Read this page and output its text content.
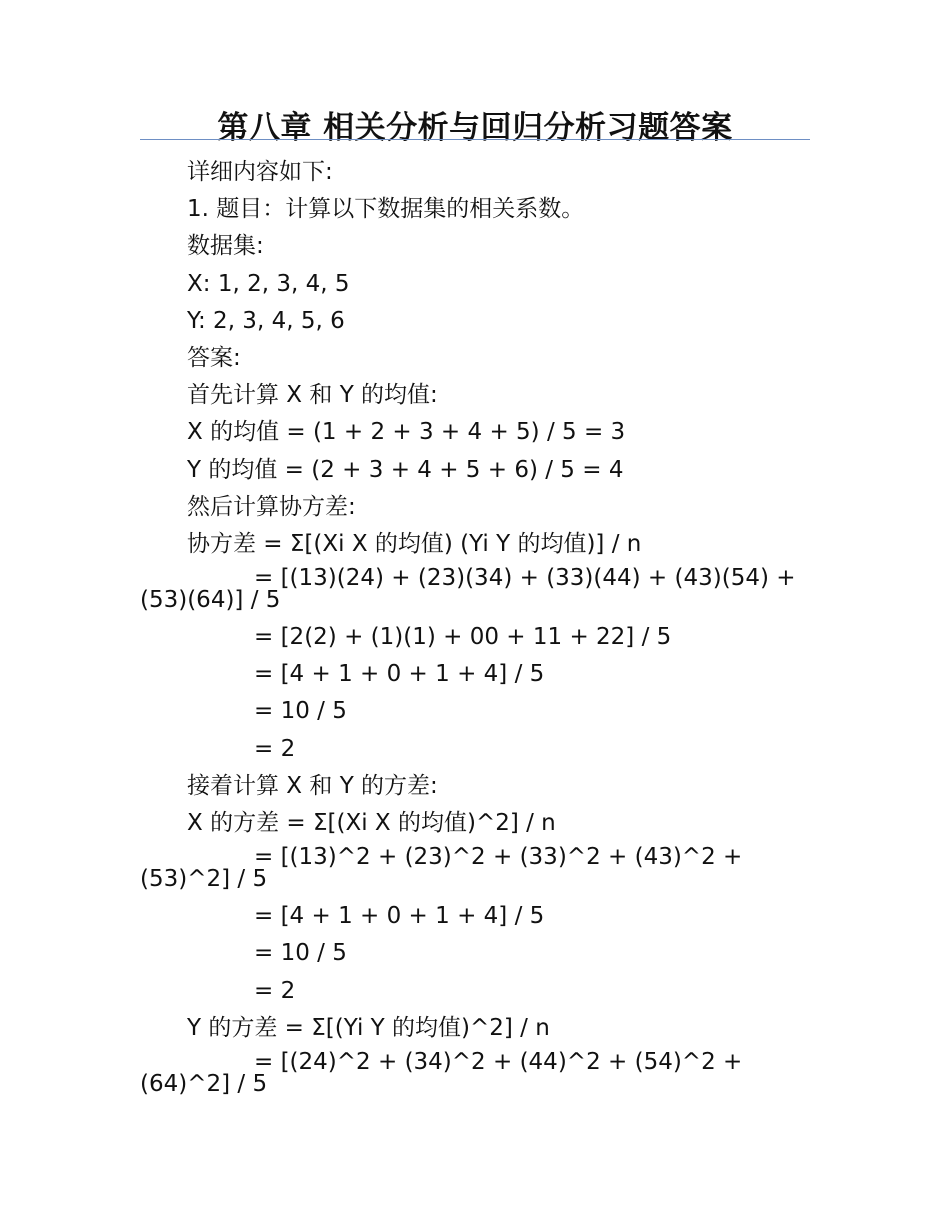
第八章 相关分析与回归分析习题答案
详细内容如下:
1. 题目：计算以下数据集的相关系数。
数据集:
X: 1, 2, 3, 4, 5
Y: 2, 3, 4, 5, 6
答案:
首先计算 X 和 Y 的均值:
X 的均值 = (1 + 2 + 3 + 4 + 5) / 5 = 3
Y 的均值 = (2 + 3 + 4 + 5 + 6) / 5 = 4
然后计算协方差:
协方差 = Σ[(Xi X 的均值) (Yi Y 的均值)] / n
= [(13)(24) + (23)(34) + (33)(44) + (43)(54) +
(53)(64)] / 5
= [2(2) + (1)(1) + 00 + 11 + 22] / 5
= [4 + 1 + 0 + 1 + 4] / 5
= 10 / 5
= 2
接着计算 X 和 Y 的方差:
X 的方差 = Σ[(Xi X 的均值)^2] / n
= [(13)^2 + (23)^2 + (33)^2 + (43)^2 +
(53)^2] / 5
= [4 + 1 + 0 + 1 + 4] / 5
= 10 / 5
= 2
Y 的方差 = Σ[(Yi Y 的均值)^2] / n
= [(24)^2 + (34)^2 + (44)^2 + (54)^2 +
(64)^2] / 5
